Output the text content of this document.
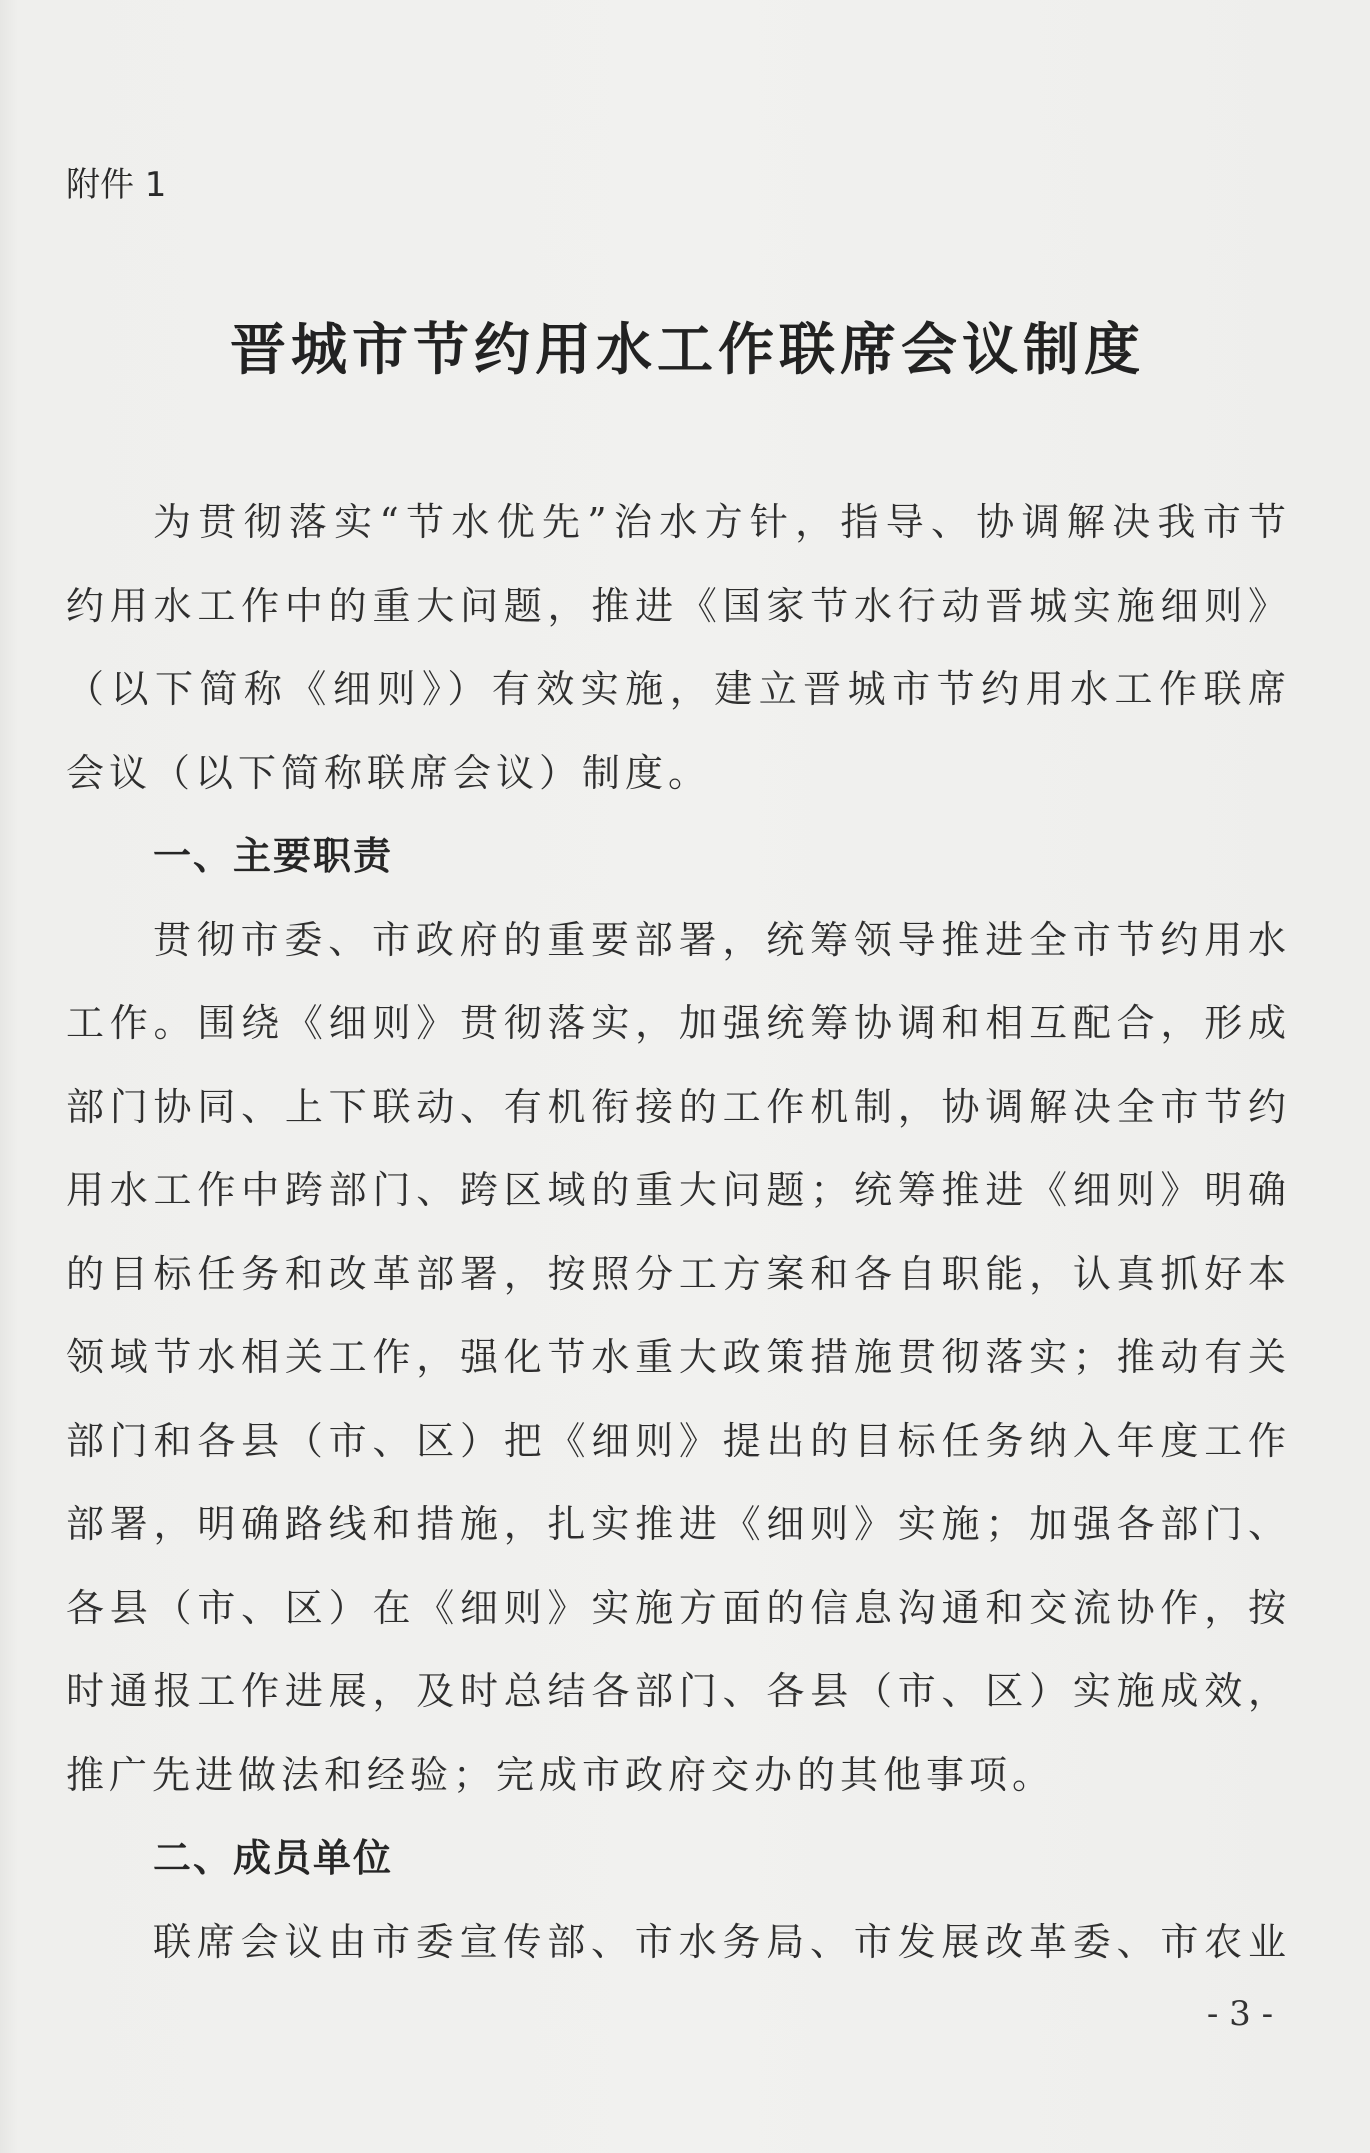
附件 1
晋城市节约用水工作联席会议制度
为贯彻落实“节水优先”治水方针，指导、协调解决我市节
约用水工作中的重大问题，推进《国家节水行动晋城实施细则》
（以下简称《细则》）有效实施，建立晋城市节约用水工作联席
会议（以下简称联席会议）制度。
一、主要职责
贯彻市委、市政府的重要部署，统筹领导推进全市节约用水
工作。围绕《细则》贯彻落实，加强统筹协调和相互配合，形成
部门协同、上下联动、有机衔接的工作机制，协调解决全市节约
用水工作中跨部门、跨区域的重大问题；统筹推进《细则》明确
的目标任务和改革部署，按照分工方案和各自职能，认真抓好本
领域节水相关工作，强化节水重大政策措施贯彻落实；推动有关
部门和各县（市、区）把《细则》提出的目标任务纳入年度工作
部署，明确路线和措施，扎实推进《细则》实施；加强各部门、
各县（市、区）在《细则》实施方面的信息沟通和交流协作，按
时通报工作进展，及时总结各部门、各县（市、区）实施成效，
推广先进做法和经验；完成市政府交办的其他事项。
二、成员单位
联席会议由市委宣传部、市水务局、市发展改革委、市农业
- 3 -
